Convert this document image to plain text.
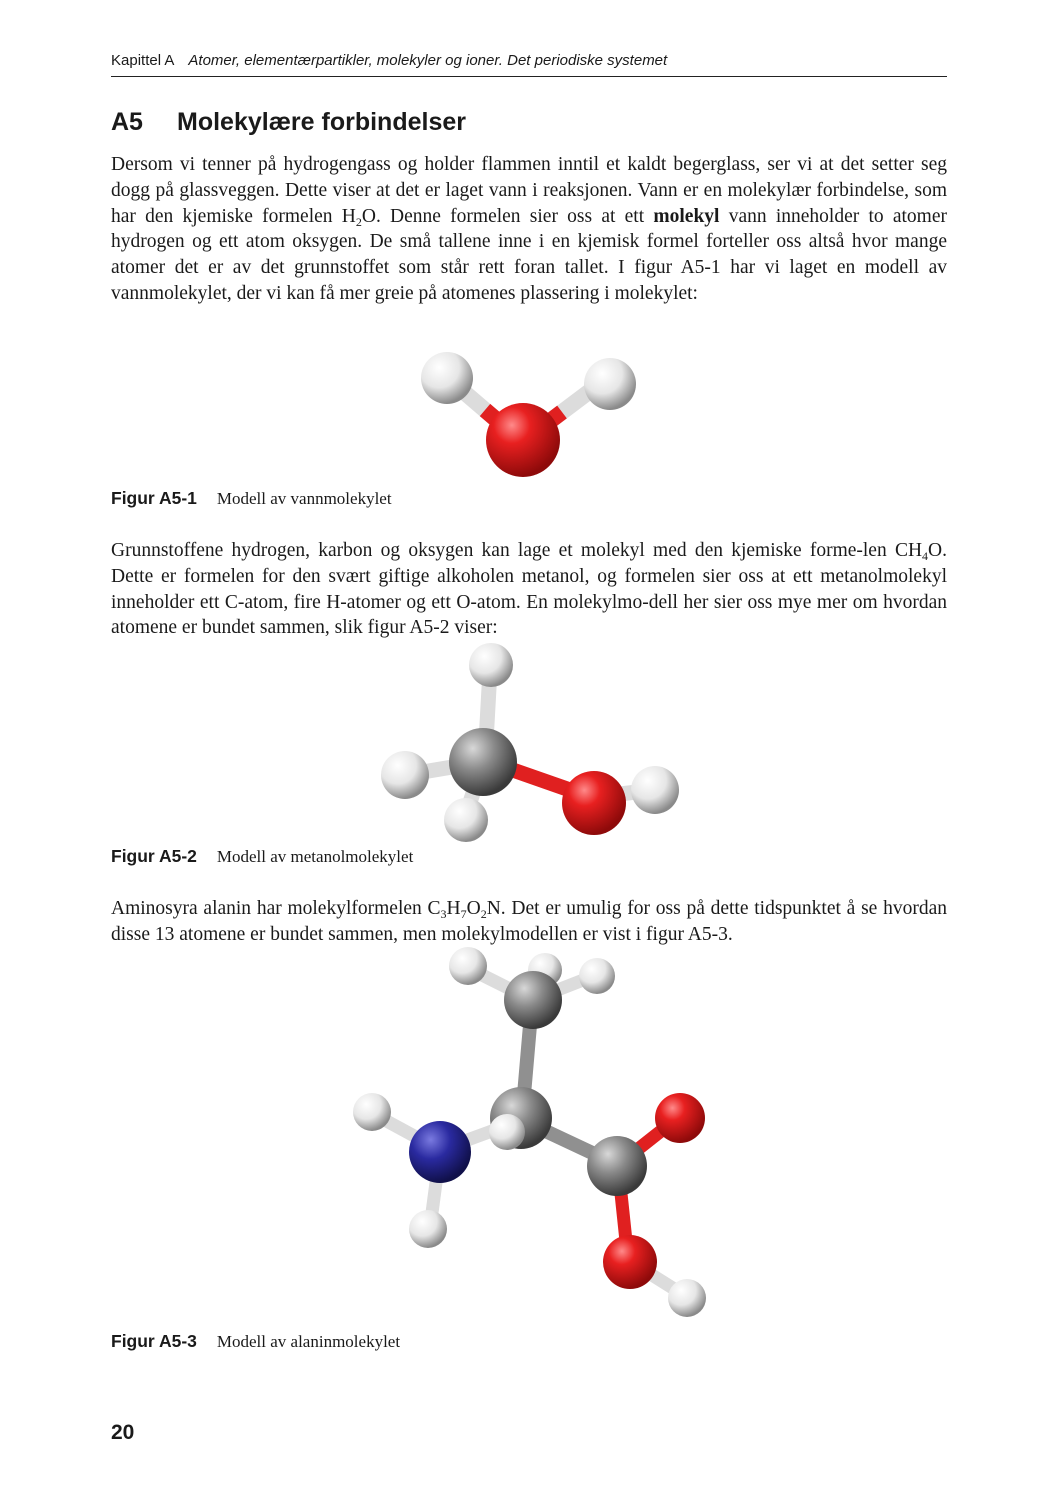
Kapittel A Atomer, elementærpartikler, molekyler og ioner. Det periodiske systemet
A5 Molekylære forbindelser

Dersom vi tenner på hydrogengass og holder flammen inntil et kaldt begerglass, ser vi at det setter seg dogg på glassveggen. Dette viser at det er laget vann i reaksjonen. Vann er en molekylær forbindelse, som har den kjemiske formelen $H_2O$. Denne formelen sier oss at ett molekyl vann inneholder to atomer hydrogen og ett atom oksygen. De små tallene inne i en kjemisk formel forteller oss altså hvor mange atomer det er av det grunnstoffet som står rett foran tallet. I figur A5-1 har vi laget en modell av vannmolekylet, der vi kan få mer greie på atomenes plassering i molekylet:

Figur A5-1 Modell av vannmolekylet

Grunnstoffene hydrogen, karbon og oksygen kan lage et molekyl med den kjemiske forme-len $CH_4O$. Dette er formelen for den svært giftige alkoholen metanol, og formelen sier oss at ett metanolmolekyl inneholder ett C-atom, fire H-atomer og ett O-atom. En molekylmo-dell her sier oss mye mer om hvordan atomene er bundet sammen, slik figur A5-2 viser:

Figur A5-2 Modell av metanolmolekylet

Aminosyra alanin har molekylformelen $C_3H_7O_2N$. Det er umulig for oss på dette tidspunktet å se hvordan disse 13 atomene er bundet sammen, men molekylmodellen er vist i figur A5-3.

Figur A5-3 Modell av alaninmolekylet
20
